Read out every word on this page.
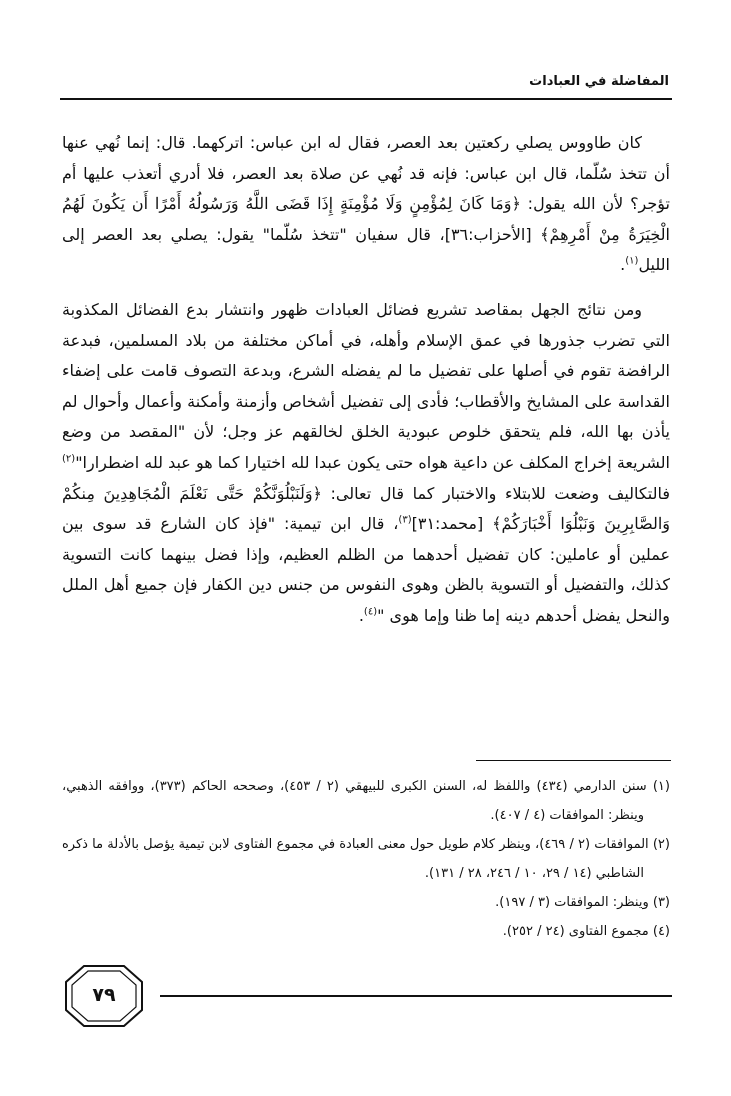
المفاضلة في العبادات

كان طاووس يصلي ركعتين بعد العصر، فقال له ابن عباس: اتركهما. قال: إنما نُهي عنها أن تتخذ سُلّما، قال ابن عباس: فإنه قد نُهي عن صلاة بعد العصر، فلا أدري أتعذب عليها أم تؤجر؟ لأن الله يقول: ﴿وَمَا كَانَ لِمُؤْمِنٍ وَلَا مُؤْمِنَةٍ إِذَا قَضَى اللَّهُ وَرَسُولُهُ أَمْرًا أَن يَكُونَ لَهُمُ الْخِيَرَةُ مِنْ أَمْرِهِمْ﴾ [الأحزاب:٣٦]، قال سفيان "تتخذ سُلّما" يقول: يصلي بعد العصر إلى الليل$^{(١)}$.

ومن نتائج الجهل بمقاصد تشريع فضائل العبادات ظهور وانتشار بدع الفضائل المكذوبة التي تضرب جذورها في عمق الإسلام وأهله، في أماكن مختلفة من بلاد المسلمين، فبدعة الرافضة تقوم في أصلها على تفضيل ما لم يفضله الشرع، وبدعة التصوف قامت على إضفاء القداسة على المشايخ والأقطاب؛ فأدى إلى تفضيل أشخاص وأزمنة وأمكنة وأعمال وأحوال لم يأذن بها الله، فلم يتحقق خلوص عبودية الخلق لخالقهم عز وجل؛ لأن "المقصد من وضع الشريعة إخراج المكلف عن داعية هواه حتى يكون عبدا لله اختيارا كما هو عبد لله اضطرارا"$^{(٢)}$ فالتكاليف وضعت للابتلاء والاختبار كما قال تعالى: ﴿وَلَنَبْلُوَنَّكُمْ حَتَّى نَعْلَمَ الْمُجَاهِدِينَ مِنكُمْ وَالصَّابِرِينَ وَنَبْلُوَا أَخْبَارَكُمْ﴾ [محمد:٣١]$^{(٣)}$، قال ابن تيمية: "فإذ كان الشارع قد سوى بين عملين أو عاملين: كان تفضيل أحدهما من الظلم العظيم، وإذا فضل بينهما كانت التسوية كذلك، والتفضيل أو التسوية بالظن وهوى النفوس من جنس دين الكفار فإن جميع أهل الملل والنحل يفضل أحدهم دينه إما ظنا وإما هوى "$^{(٤)}$.

(١) سنن الدارمي (٤٣٤) واللفظ له، السنن الكبرى للبيهقي (٢ / ٤٥٣)، وصححه الحاكم (٣٧٣)، ووافقه الذهبي، وينظر: الموافقات (٤ / ٤٠٧).

(٢) الموافقات (٢ / ٤٦٩)، وينظر كلام طويل حول معنى العبادة في مجموع الفتاوى لابن تيمية يؤصل بالأدلة ما ذكره الشاطبي (١٤ / ٢٩، ١٠ / ٢٤٦، ٢٨ / ١٣١).

(٣) وينظر: الموافقات (٣ / ١٩٧).

(٤) مجموع الفتاوى (٢٤ / ٢٥٢).

٧٩
